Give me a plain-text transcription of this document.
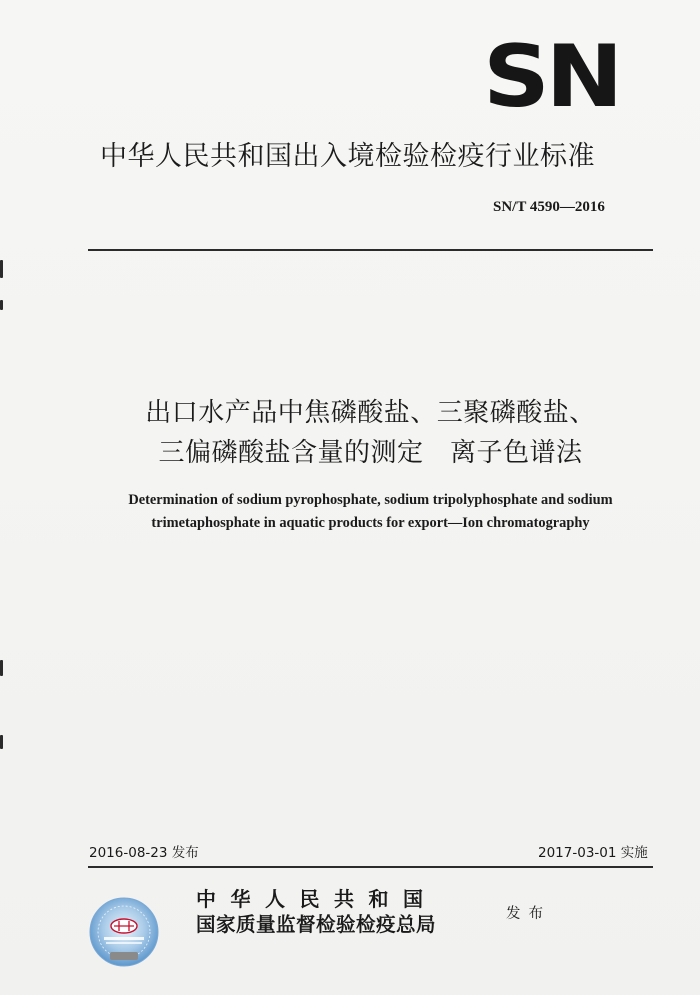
SN
中华人民共和国出入境检验检疫行业标准
SN/T 4590—2016
出口水产品中焦磷酸盐、三聚磷酸盐、
三偏磷酸盐含量的测定　离子色谱法
Determination of sodium pyrophosphate, sodium tripolyphosphate and sodium
trimetaphosphate in aquatic products for export—Ion chromatography
2016-08-23 发布	2017-03-01 实施
中华人民共和国
国家质量监督检验检疫总局	发布
